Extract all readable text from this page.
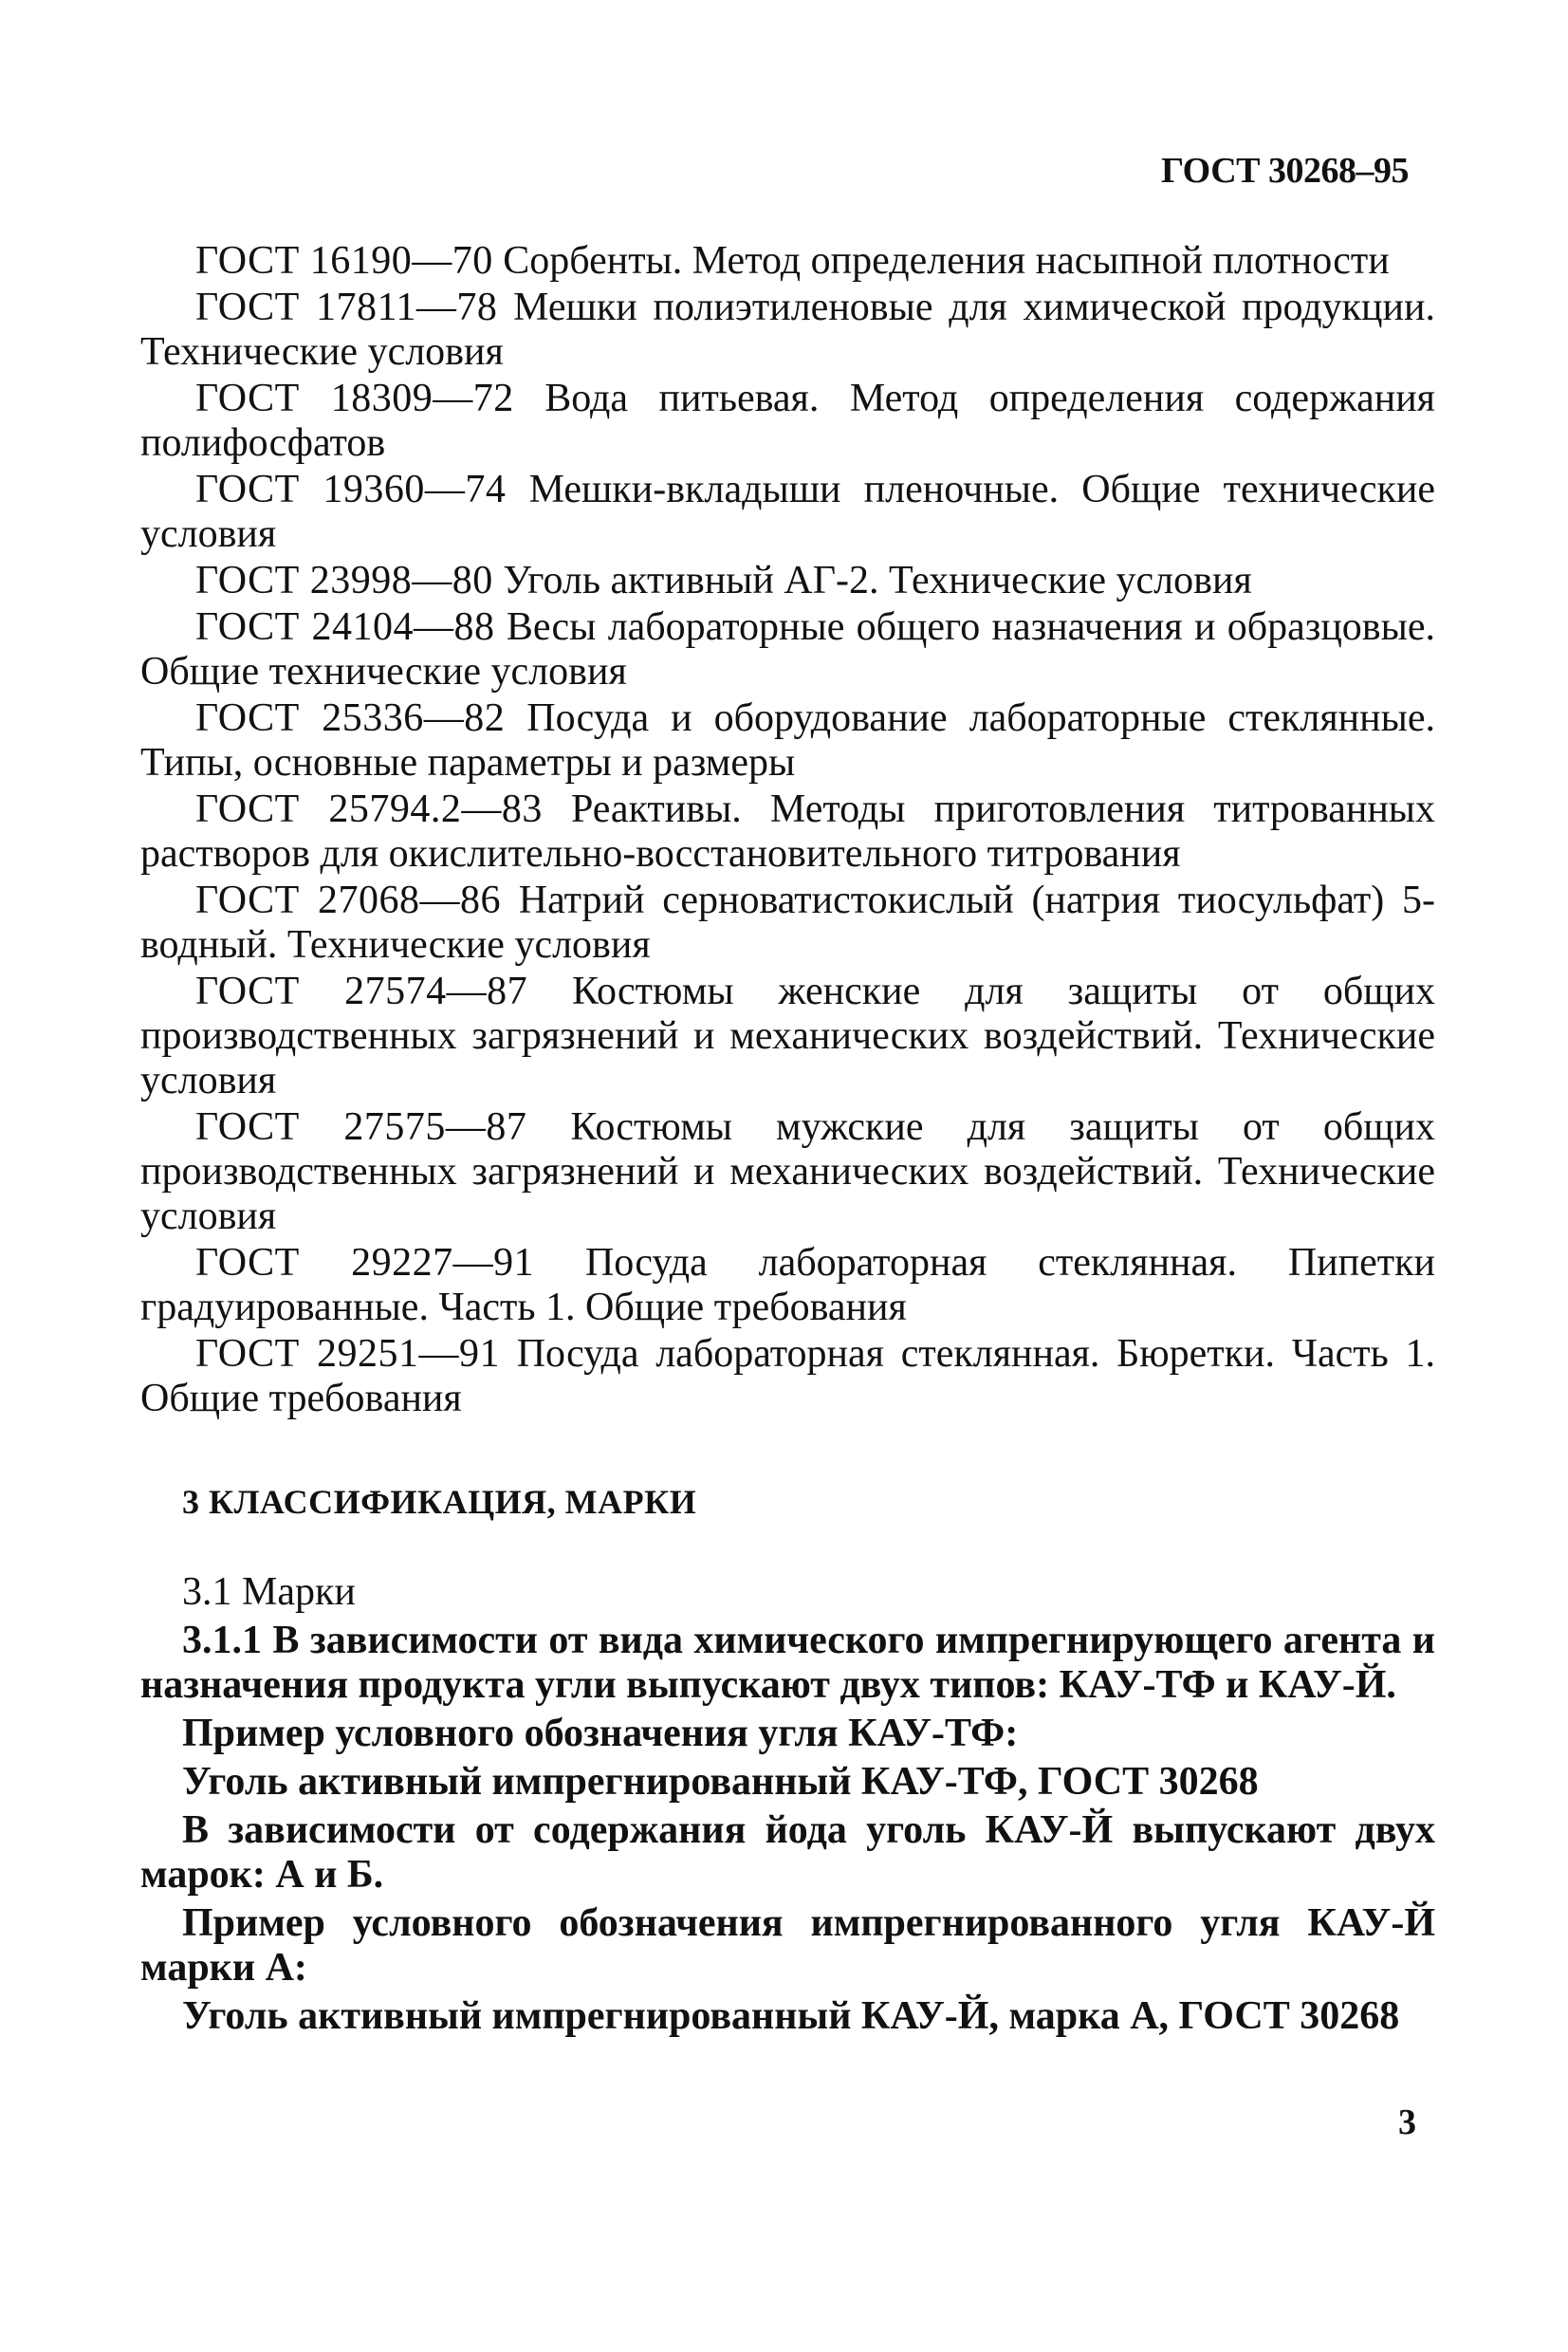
ГОСТ 30268–95

ГОСТ 16190—70 Сорбенты. Метод определения насыпной плотности

ГОСТ 17811—78 Мешки полиэтиленовые для химической продукции. Технические условия

ГОСТ 18309—72 Вода питьевая. Метод определения содержания полифосфатов

ГОСТ 19360—74 Мешки-вкладыши пленочные. Общие технические условия

ГОСТ 23998—80 Уголь активный АГ-2. Технические условия

ГОСТ 24104—88 Весы лабораторные общего назначения и образцовые. Общие технические условия

ГОСТ 25336—82 Посуда и оборудование лабораторные стеклянные. Типы, основные параметры и размеры

ГОСТ 25794.2—83 Реактивы. Методы приготовления титрованных растворов для окислительно-восстановительного титрования

ГОСТ 27068—86 Натрий серноватистокислый (натрия тиосульфат) 5-водный. Технические условия

ГОСТ 27574—87 Костюмы женские для защиты от общих производственных загрязнений и механических воздействий. Технические условия

ГОСТ 27575—87 Костюмы мужские для защиты от общих производственных загрязнений и механических воздействий. Технические условия

ГОСТ 29227—91 Посуда лабораторная стеклянная. Пипетки градуированные. Часть 1. Общие требования

ГОСТ 29251—91 Посуда лабораторная стеклянная. Бюретки. Часть 1. Общие требования

3 КЛАССИФИКАЦИЯ, МАРКИ

3.1 Марки

3.1.1 В зависимости от вида химического импрегнирующего агента и назначения продукта угли выпускают двух типов: КАУ-ТФ и КАУ-Й.

Пример условного обозначения угля КАУ-ТФ:

Уголь активный импрегнированный КАУ-ТФ, ГОСТ 30268

В зависимости от содержания йода уголь КАУ-Й выпускают двух марок: А и Б.

Пример условного обозначения импрегнированного угля КАУ-Й марки А:

Уголь активный импрегнированный КАУ-Й, марка А, ГОСТ 30268

3
